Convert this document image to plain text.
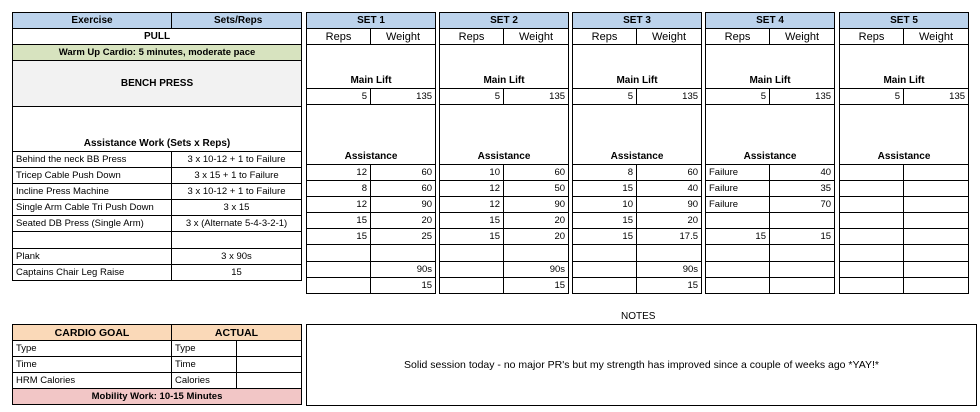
Exercise	Sets/Reps
PULL	
Warm Up Cardio: 5 minutes, moderate pace	
BENCH PRESS	
Assistance Work (Sets x Reps)	
Behind the neck BB Press	3 x 10-12 + 1 to Failure
Tricep Cable Push Down	3 x 15 + 1 to Failure
Incline Press Machine	3 x 10-12 + 1 to Failure
Single Arm Cable Tri Push Down	3 x 15
Seated DB Press (Single Arm)	3 x (Alternate 5-4-3-2-1)

Plank	3 x 90s
Captains Chair Leg Raise	15
SET 1	
Reps	Weight

Main Lift	
5	135
Assistance	
12	60
8	60
12	90
15	20
15	25

	90s
	15
SET 2	
Reps	Weight

Main Lift	
5	135
Assistance	
10	60
12	50
12	90
15	20
15	20

	90s
	15
SET 3	
Reps	Weight

Main Lift	
5	135
Assistance	
8	60
15	40
10	90
15	20
15	17.5

	90s
	15
SET 4	
Reps	Weight

Main Lift	
5	135
Assistance	
Failure	40
Failure	35
Failure	70

15	15

SET 5	
Reps	Weight

Main Lift	
5	135
Assistance	

CARDIO GOAL	ACTUAL	
Type	Type	
Time	Time	
HRM Calories	Calories	
Mobility Work: 10-15 Minutes		
NOTES
Solid session today - no major PR's but my strength has improved since a couple of weeks ago *YAY!*
